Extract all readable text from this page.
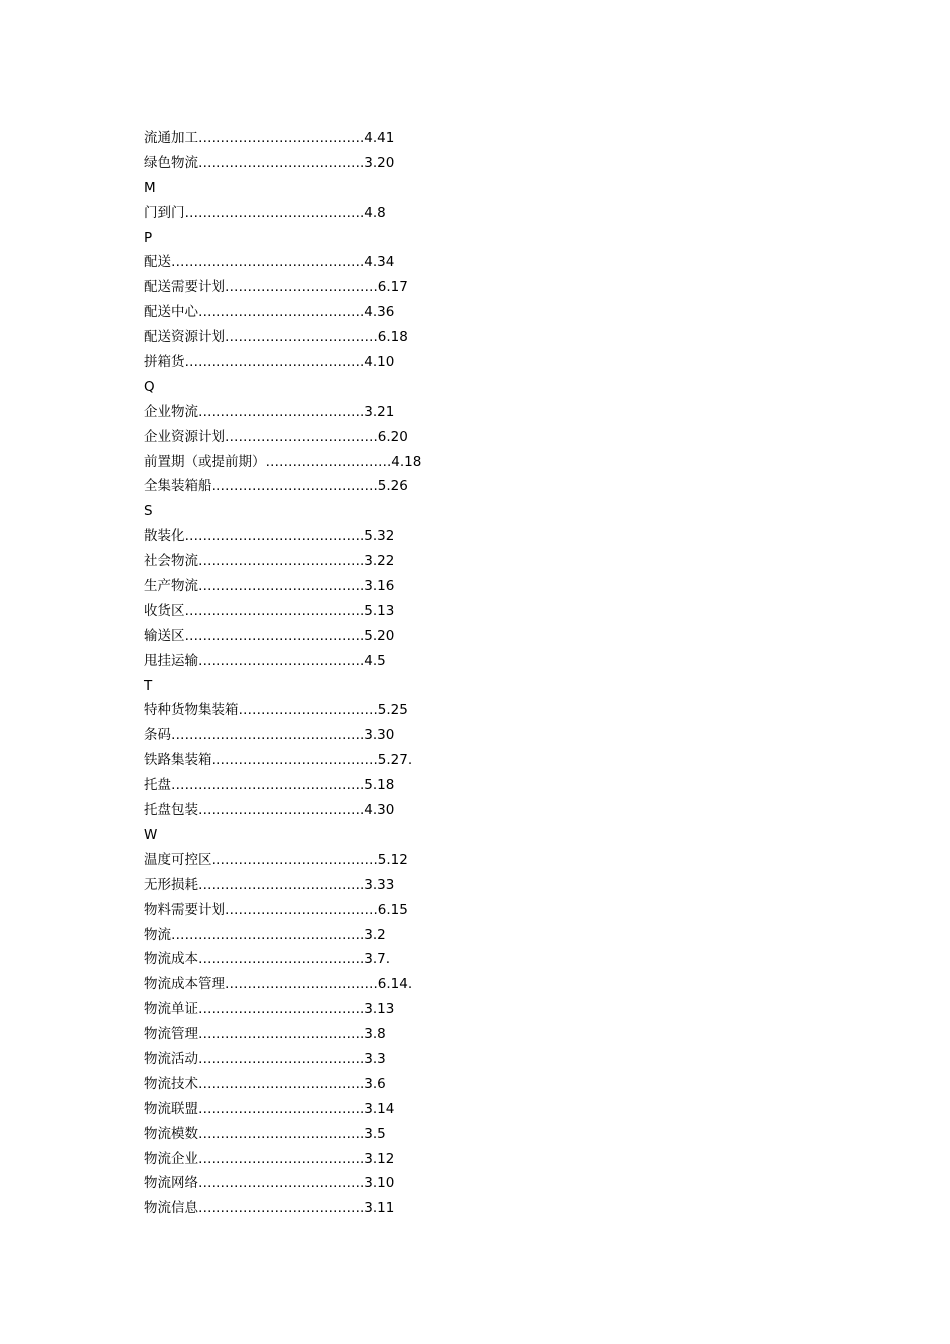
流通加工……………………………….4.41
绿色物流……………………………….3.20
M
门到门………………………………….4.8
P
配送…………………………………….4.34
配送需要计划…………………………….6.17
配送中心……………………………….4.36
配送资源计划…………………………….6.18
拼箱货………………………………….4.10
Q
企业物流……………………………….3.21
企业资源计划…………………………….6.20
前置期（或提前期）……………………….4.18
全集装箱船……………………………….5.26
S
散装化………………………………….5.32
社会物流……………………………….3.22
生产物流……………………………….3.16
收货区………………………………….5.13
输送区………………………………….5.20
甩挂运输……………………………….4.5
T
特种货物集装箱………………………….5.25
条码…………………………………….3.30
铁路集装箱……………………………….5.27.
托盘…………………………………….5.18
托盘包装……………………………….4.30
W
温度可控区……………………………….5.12
无形损耗……………………………….3.33
物料需要计划…………………………….6.15
物流…………………………………….3.2
物流成本……………………………….3.7.
物流成本管理…………………………….6.14.
物流单证……………………………….3.13
物流管理……………………………….3.8
物流活动……………………………….3.3
物流技术……………………………….3.6
物流联盟……………………………….3.14
物流模数……………………………….3.5
物流企业……………………………….3.12
物流网络……………………………….3.10
物流信息……………………………….3.11
